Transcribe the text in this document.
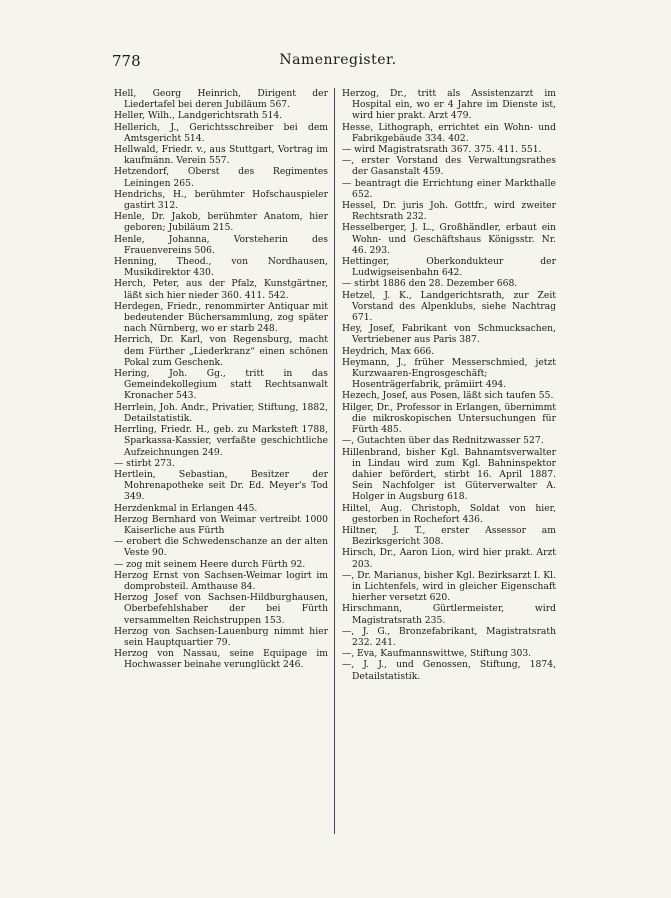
778	Namenregister.
Hell, Georg Heinrich, Dirigent der Liedertafel bei deren Jubiläum 567.
Heller, Wilh., Landgerichtsrath 514.
Hellerich, J., Gerichtsschreiber bei dem Amtsgericht 514.
Hellwald, Friedr. v., aus Stuttgart, Vortrag im kaufmänn. Verein 557.
Hetzendorf, Oberst des Regimentes Leiningen 265.
Hendrichs, H., berühmter Hofschauspieler gastirt 312.
Henle, Dr. Jakob, berühmter Anatom, hier geboren; Jubiläum 215.
Henle, Johanna, Vorsteherin des Frauenvereins 506.
Henning, Theod., von Nordhausen, Musikdirektor 430.
Herch, Peter, aus der Pfalz, Kunstgärtner, läßt sich hier nieder 360. 411. 542.
Herdegen, Friedr., renommirter Antiquar mit bedeutender Büchersammlung, zog später nach Nürnberg, wo er starb 248.
Herrich, Dr. Karl, von Regensburg, macht dem Fürther „Liederkranz“ einen schönen Pokal zum Geschenk.
Hering, Joh. Gg., tritt in das Gemeindekollegium statt Rechtsanwalt Kronacher 543.
Herrlein, Joh. Andr., Privatier, Stiftung, 1882, Detailstatistik.
Herrling, Friedr. H., geb. zu Marksteft 1788, Sparkassa-Kassier, verfaßte geschichtliche Aufzeichnungen 249.
— stirbt 273.
Hertlein, Sebastian, Besitzer der Mohrenapotheke seit Dr. Ed. Meyer's Tod 349.
Herzdenkmal in Erlangen 445.
Herzog Bernhard von Weimar vertreibt 1000 Kaiserliche aus Fürth
— erobert die Schwedenschanze an der alten Veste 90.
— zog mit seinem Heere durch Fürth 92.
Herzog Ernst von Sachsen-Weimar logirt im domprobsteil. Amthause 84.
Herzog Josef von Sachsen-Hildburghausen, Oberbefehlshaber der bei Fürth versammelten Reichstruppen 153.
Herzog von Sachsen-Lauenburg nimmt hier sein Hauptquartier 79.
Herzog von Nassau, seine Equipage im Hochwasser beinahe verunglückt 246.
Herzog, Dr., tritt als Assistenzarzt im Hospital ein, wo er 4 Jahre im Dienste ist, wird hier prakt. Arzt 479.
Hesse, Lithograph, errichtet ein Wohn- und Fabrikgebäude 334. 402.
— wird Magistratsrath 367. 375. 411. 551.
—, erster Vorstand des Verwaltungsrathes der Gasanstalt 459.
— beantragt die Errichtung einer Markthalle 652.
Hessel, Dr. juris Joh. Gottfr., wird zweiter Rechtsrath 232.
Hesselberger, J. L., Großhändler, erbaut ein Wohn- und Geschäftshaus Königsstr. Nr. 46. 293.
Hettinger, Oberkondukteur der Ludwigseisenbahn 642.
— stirbt 1886 den 28. Dezember 668.
Hetzel, J. K., Landgerichtsrath, zur Zeit Vorstand des Alpenklubs, siehe Nachtrag 671.
Hey, Josef, Fabrikant von Schmucksachen, Vertriebener aus Paris 387.
Heydrich, Max 666.
Heymann, J., früher Messerschmied, jetzt Kurzwaaren-Engrosgeschäft; Hosenträgerfabrik, prämiirt 494.
Hezech, Josef, aus Posen, läßt sich taufen 55.
Hilger, Dr., Professor in Erlangen, übernimmt die mikroskopischen Untersuchungen für Fürth 485.
—, Gutachten über das Rednitzwasser 527.
Hillenbrand, bisher Kgl. Bahnamtsverwalter in Lindau wird zum Kgl. Bahninspektor dahier befördert, stirbt 16. April 1887. Sein Nachfolger ist Güterverwalter A. Holger in Augsburg 618.
Hiltel, Aug. Christoph, Soldat von hier, gestorben in Rochefort 436.
Hiltner, J. T., erster Assessor am Bezirksgericht 308.
Hirsch, Dr., Aaron Lion, wird hier prakt. Arzt 203.
—, Dr. Marianus, bisher Kgl. Bezirksarzt I. Kl. in Lichtenfels, wird in gleicher Eigenschaft hierher versetzt 620.
Hirschmann, Gürtlermeister, wird Magistratsrath 235.
—, J. G., Bronzefabrikant, Magistratsrath 232. 241.
—, Eva, Kaufmannswittwe, Stiftung 303.
—, J. J., und Genossen, Stiftung, 1874, Detailstatistik.
